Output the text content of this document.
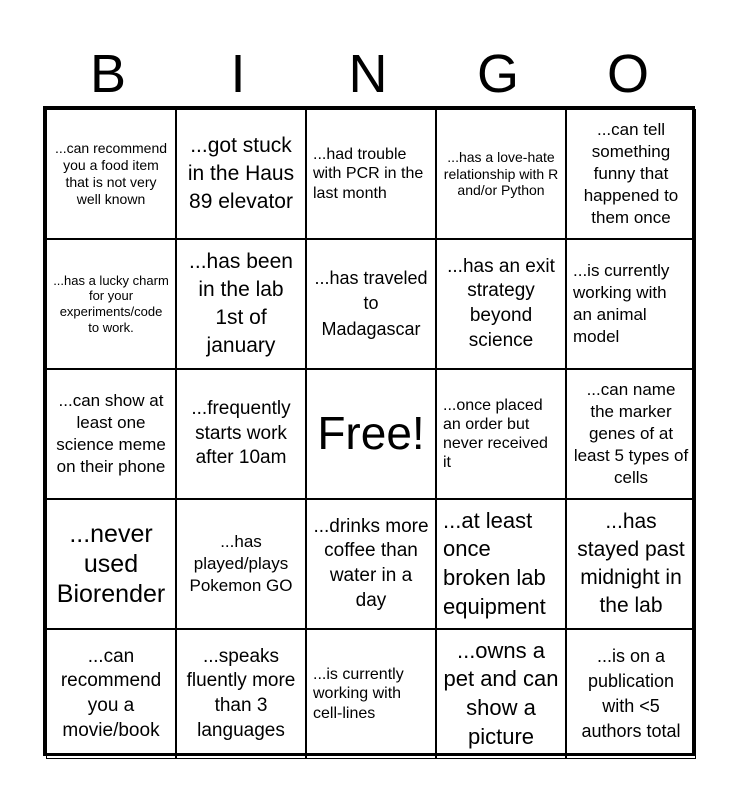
B	I	N	G	O
...can recommend you a food item that is not very well known
...got stuck in the Haus 89 elevator
...had trouble with PCR in the last month
...has a love-hate relationship with R and/or Python
...can tell something funny that happened to them once
...has a lucky charm for your experiments/code to work.
...has been in the lab 1st of january
...has traveled to Madagascar
...has an exit strategy beyond science
...is currently working with an animal model
...can show at least one science meme on their phone
...frequently starts work after 10am Free!
...once placed an order but never received it
...can name the marker genes of at least 5 types of cells
...never used Biorender
...has played/plays Pokemon GO
...drinks more coffee than water in a day
...at least once broken lab equipment
...has stayed past midnight in the lab
...can recommend you a movie/book
...speaks fluently more than 3 languages
...is currently working with cell-lines
...owns a pet and can show a picture
...is on a publication with <5 authors total
